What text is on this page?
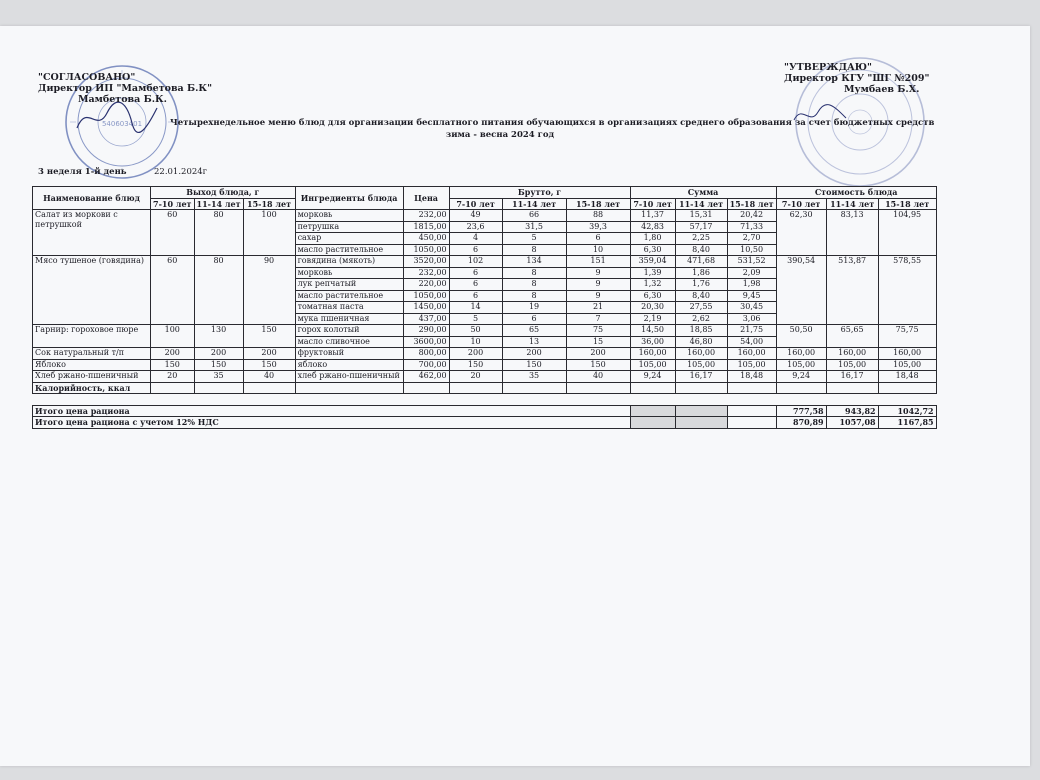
540603401
"СОГЛАСОВАНО"
Директор ИП "Мамбетова Б.К"
Мамбетова Б.К.
"УТВЕРЖДАЮ"
Директор КГУ "ШГ №209"
Мумбаев Б.Х.
Четырехнедельное меню блюд для организации бесплатного питания обучающихся в организациях среднего образования за счет бюджетных средств
зима - весна 2024 год
3 неделя 1-й день	22.01.2024г
Наименование блюд	Выход блюда, г			Ингредиенты блюда	Цена	Брутто, г			Сумма			Стоимость блюда		
	7-10 лет	11-14 лет	15-18 лет			7-10 лет	11-14 лет	15-18 лет	7-10 лет	11-14 лет	15-18 лет	7-10 лет	11-14 лет	15-18 лет
Салат из моркови с петрушкой	60	80	100	морковь	232,00	49	66	88	11,37	15,31	20,42	62,30	83,13	104,95
				петрушка	1815,00	23,6	31,5	39,3	42,83	57,17	71,33			
				сахар	450,00	4	5	6	1,80	2,25	2,70			
				масло растительное	1050,00	6	8	10	6,30	8,40	10,50			
Мясо тушеное (говядина)	60	80	90	говядина (мякоть)	3520,00	102	134	151	359,04	471,68	531,52	390,54	513,87	578,55
				морковь	232,00	6	8	9	1,39	1,86	2,09			
				лук репчатый	220,00	6	8	9	1,32	1,76	1,98			
				масло растительное	1050,00	6	8	9	6,30	8,40	9,45			
				томатная паста	1450,00	14	19	21	20,30	27,55	30,45			
				мука пшеничная	437,00	5	6	7	2,19	2,62	3,06			
Гарнир: гороховое пюре	100	130	150	горох колотый	290,00	50	65	75	14,50	18,85	21,75	50,50	65,65	75,75
				масло сливочное	3600,00	10	13	15	36,00	46,80	54,00			
Сок натуральный т/п	200	200	200	фруктовый	800,00	200	200	200	160,00	160,00	160,00	160,00	160,00	160,00
Яблоко	150	150	150	яблоко	700,00	150	150	150	105,00	105,00	105,00	105,00	105,00	105,00
Хлеб ржано-пшеничный	20	35	40	хлеб ржано-пшеничный	462,00	20	35	40	9,24	16,17	18,48	9,24	16,17	18,48
Калорийность, ккал														

Итого цена рациона												777,58	943,82	1042,72
Итого цена рациона с учетом 12% НДС												870,89	1057,08	1167,85
